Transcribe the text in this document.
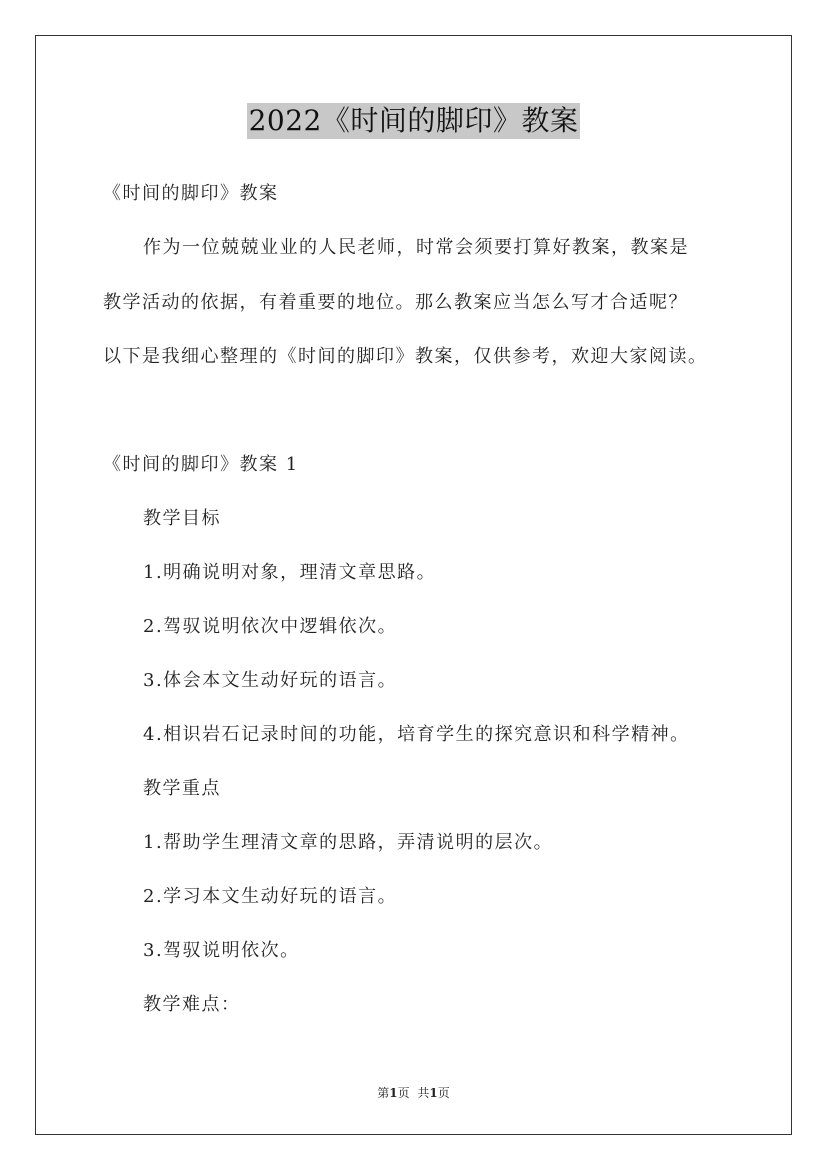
2022《时间的脚印》教案
《时间的脚印》教案
作为一位兢兢业业的人民老师，时常会须要打算好教案，教案是
教学活动的依据，有着重要的地位。那么教案应当怎么写才合适呢？
以下是我细心整理的《时间的脚印》教案，仅供参考，欢迎大家阅读。
《时间的脚印》教案 1
教学目标
1.明确说明对象，理清文章思路。
2.驾驭说明依次中逻辑依次。
3.体会本文生动好玩的语言。
4.相识岩石记录时间的功能，培育学生的探究意识和科学精神。
教学重点
1.帮助学生理清文章的思路，弄清说明的层次。
2.学习本文生动好玩的语言。
3.驾驭说明依次。
教学难点：
第1页 共1页
